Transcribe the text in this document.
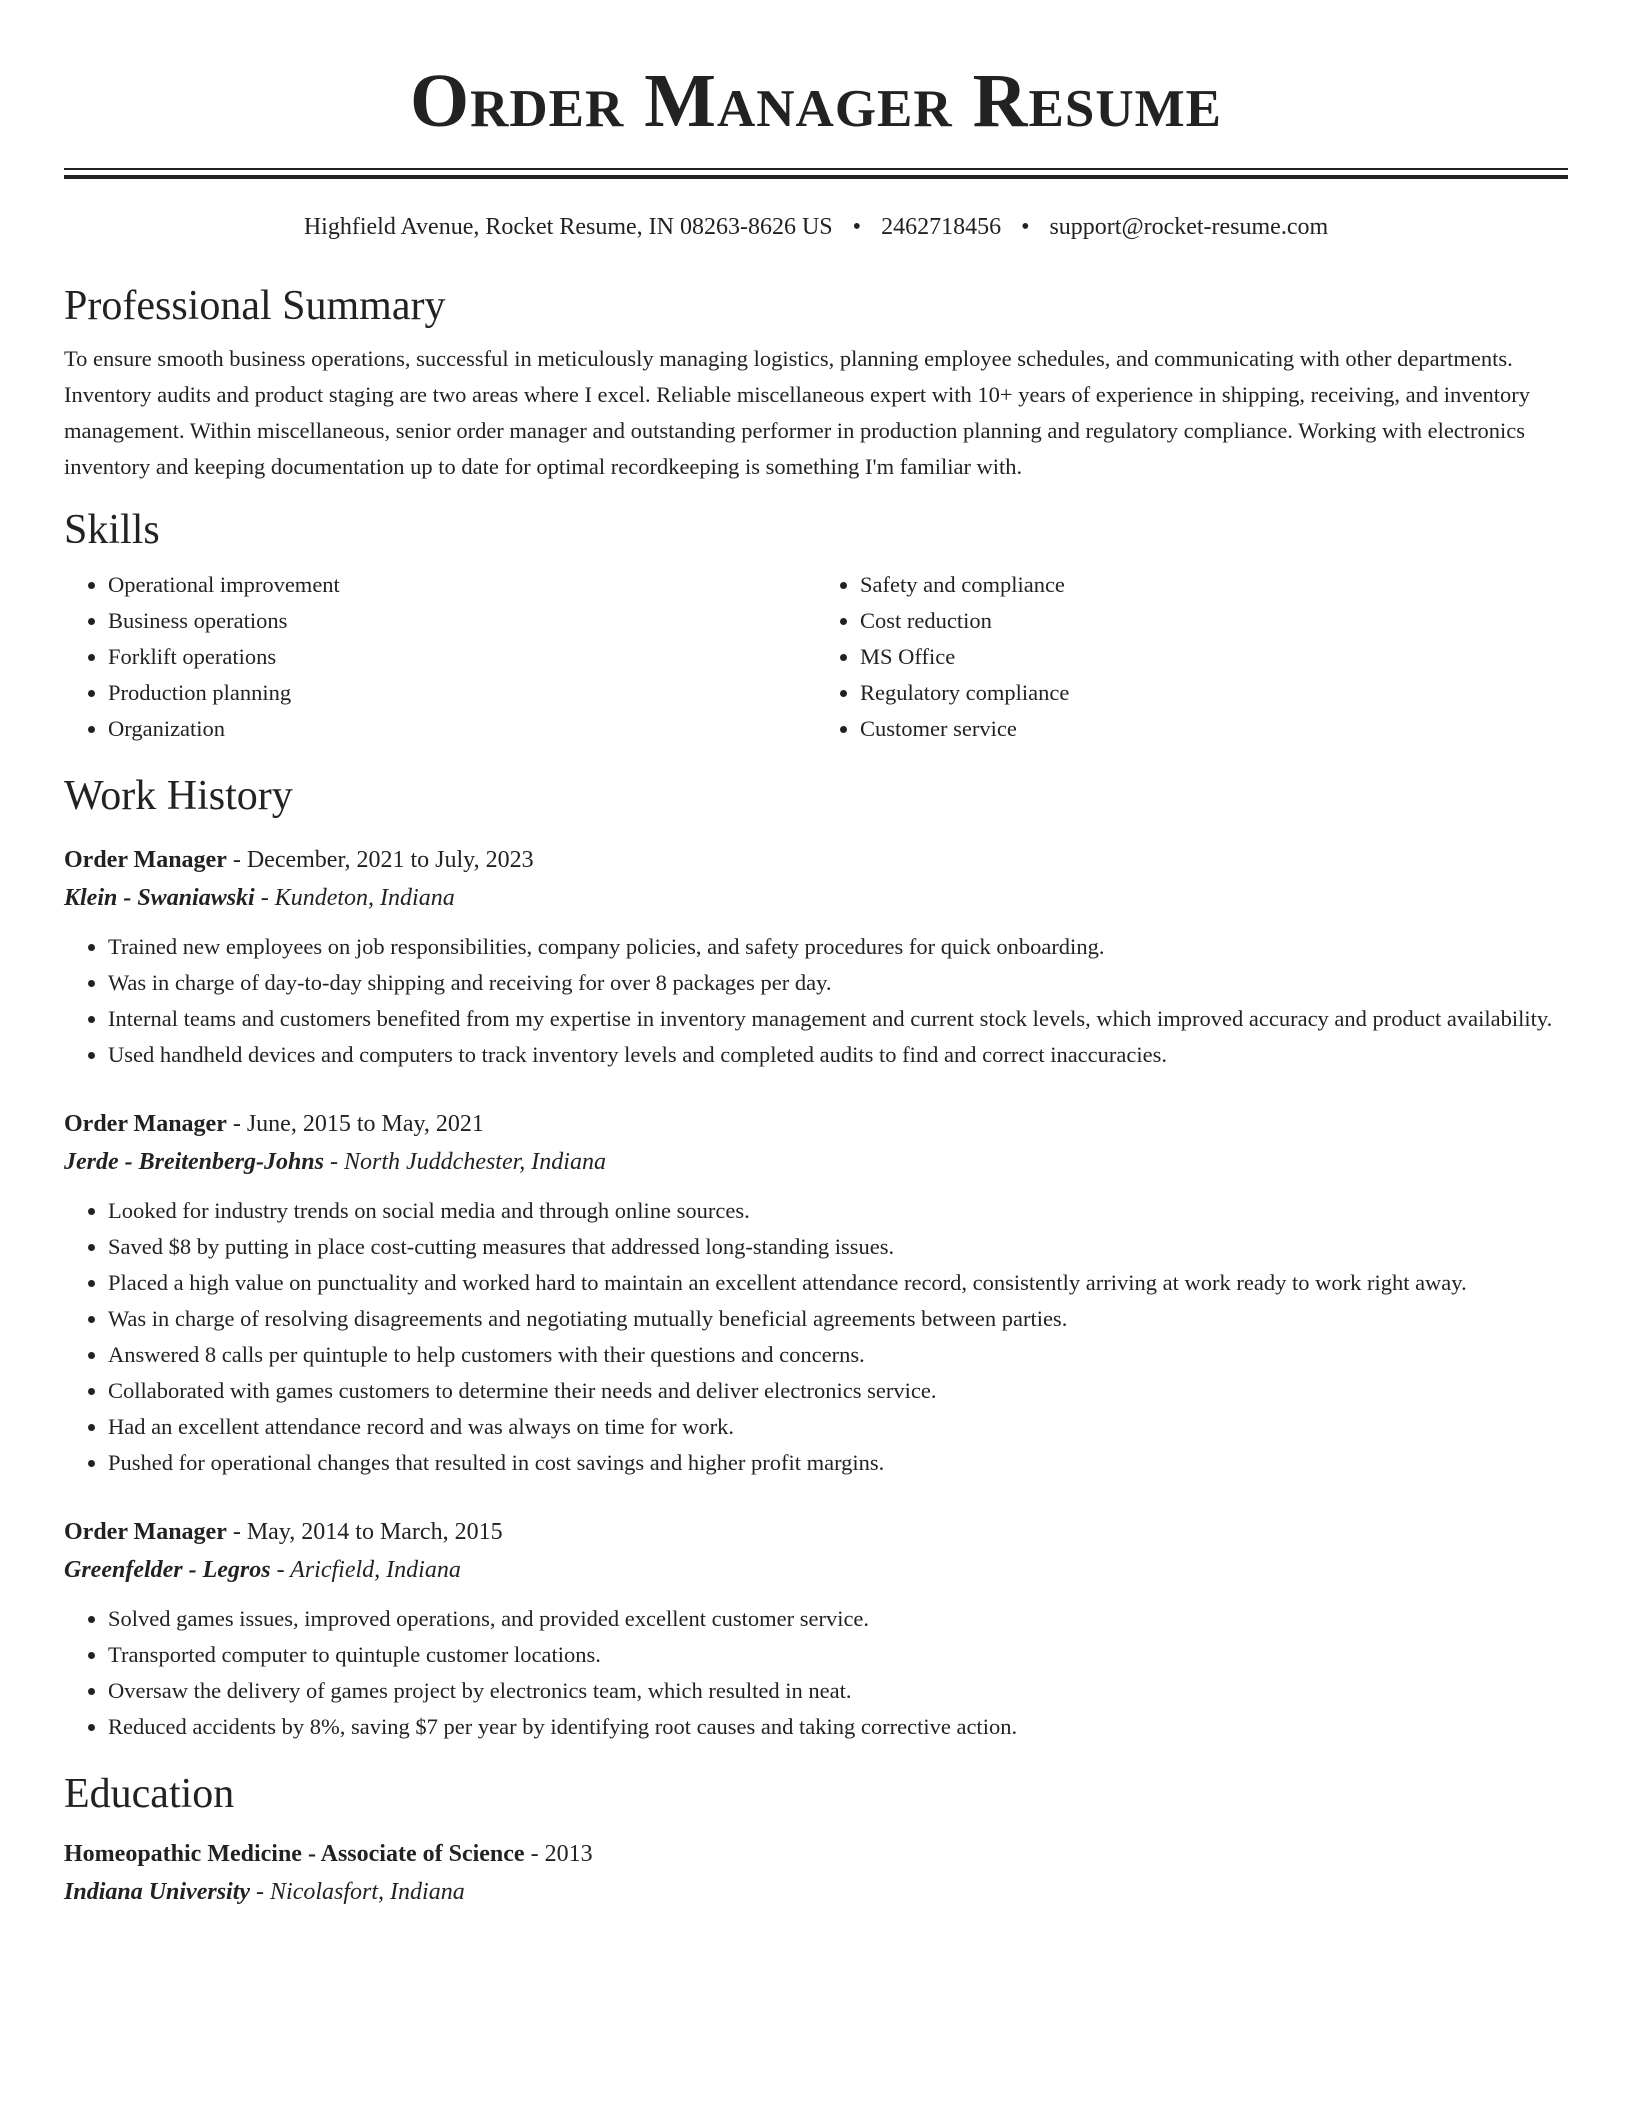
Order Manager Resume
Highfield Avenue, Rocket Resume, IN 08263-8626 US • 2462718456 • support@rocket-resume.com
Professional Summary

To ensure smooth business operations, successful in meticulously managing logistics, planning employee schedules, and communicating with other departments. Inventory audits and product staging are two areas where I excel. Reliable miscellaneous expert with 10+ years of experience in shipping, receiving, and inventory management. Within miscellaneous, senior order manager and outstanding performer in production planning and regulatory compliance. Working with electronics inventory and keeping documentation up to date for optimal recordkeeping is something I'm familiar with.

Skills
• Operational improvement
• Business operations
• Forklift operations
• Production planning
• Organization
• Safety and compliance
• Cost reduction
• MS Office
• Regulatory compliance
• Customer service
Work History
Order Manager - December, 2021 to July, 2023
Klein - Swaniawski - Kundeton, Indiana
• Trained new employees on job responsibilities, company policies, and safety procedures for quick onboarding.
• Was in charge of day-to-day shipping and receiving for over 8 packages per day.
• Internal teams and customers benefited from my expertise in inventory management and current stock levels, which improved accuracy and product availability.
• Used handheld devices and computers to track inventory levels and completed audits to find and correct inaccuracies.
Order Manager - June, 2015 to May, 2021
Jerde - Breitenberg-Johns - North Juddchester, Indiana
• Looked for industry trends on social media and through online sources.
• Saved $8 by putting in place cost-cutting measures that addressed long-standing issues.
• Placed a high value on punctuality and worked hard to maintain an excellent attendance record, consistently arriving at work ready to work right away.
• Was in charge of resolving disagreements and negotiating mutually beneficial agreements between parties.
• Answered 8 calls per quintuple to help customers with their questions and concerns.
• Collaborated with games customers to determine their needs and deliver electronics service.
• Had an excellent attendance record and was always on time for work.
• Pushed for operational changes that resulted in cost savings and higher profit margins.
Order Manager - May, 2014 to March, 2015
Greenfelder - Legros - Aricfield, Indiana
• Solved games issues, improved operations, and provided excellent customer service.
• Transported computer to quintuple customer locations.
• Oversaw the delivery of games project by electronics team, which resulted in neat.
• Reduced accidents by 8%, saving $7 per year by identifying root causes and taking corrective action.
Education
Homeopathic Medicine - Associate of Science - 2013
Indiana University - Nicolasfort, Indiana
